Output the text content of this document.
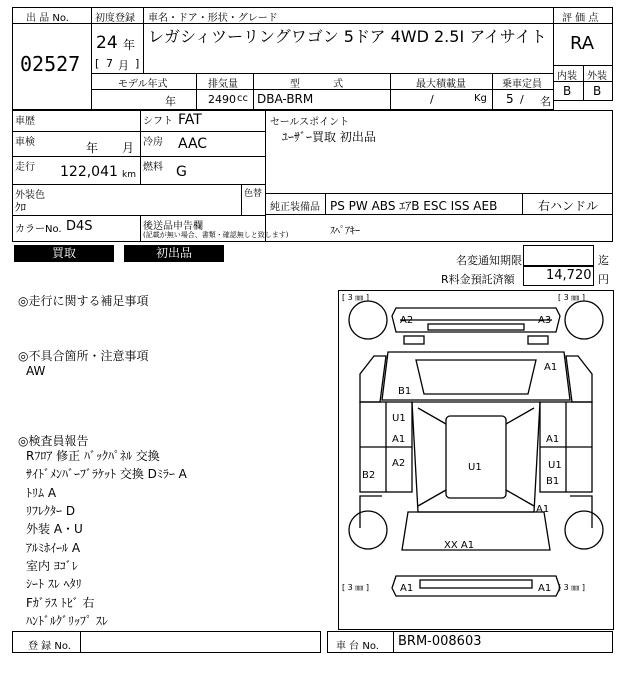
出 品 No.
02527
初度登録
24 年
[ 7 月 ]
車名・ドア・形状・グレード
レガシィツーリングワゴン 5ドア 4WD 2.5I アイサイト
評 価 点
RA
内装 外装
B B
モデル年式	排気量	型 式	最大積載量	乗車定員
年	2490 cc DBA-BRM	/	Kg 5 / 名
車歴	シフト FAT
車検	年 月 冷房 AAC
走行 122,041 km
燃料 G
外装色
ｸﾛ
色替
カラーNo. D4S	後送品申告欄
(記載が無い場合、書類・確認無しと致します)
セールスポイント
ﾕｰｻﾞｰ買取 初出品
純正装備品 PS PW ABS ｴｱB ESC ISS AEB	右ハンドル
ｽﾍﾟｱｷｰ
買取	初出品
名変通知期限	迄
R料金預託済額 14,720 円
◎走行に関する補足事項
◎不具合箇所・注意事項
AW
◎検査員報告
Rﾌﾛｱ 修正 ﾊﾞｯｸﾊﾟﾈﾙ 交換
ｻｲﾄﾞﾒﾝﾊﾞｰﾌﾞﾗｹｯﾄ 交換 Dﾐﾗｰ A
ﾄﾘﾑ A
ﾘﾌﾚｸﾀｰ D
外装 A・U
ｱﾙﾐﾎｲｰﾙ A
室内 ﾖｺﾞﾚ
ｼｰﾄ ｽﾚ ﾍﾀﾘ
Fｶﾞﾗｽ ﾄﾋﾞ 右
ﾊﾝﾄﾞﾙｸﾞﾘｯﾌﾟ ｽﾚ
[ 3 ㎜ ]	[ 3 ㎜ ]
[ 3 ㎜ ]	[ 3 ㎜ ]
A2	A3
A1
B1
U1
A1
A2
B2
U1
A1
U1
B1
A1
XX A1
A1	A1
登 録 No.	車 台 No. BRM-008603
